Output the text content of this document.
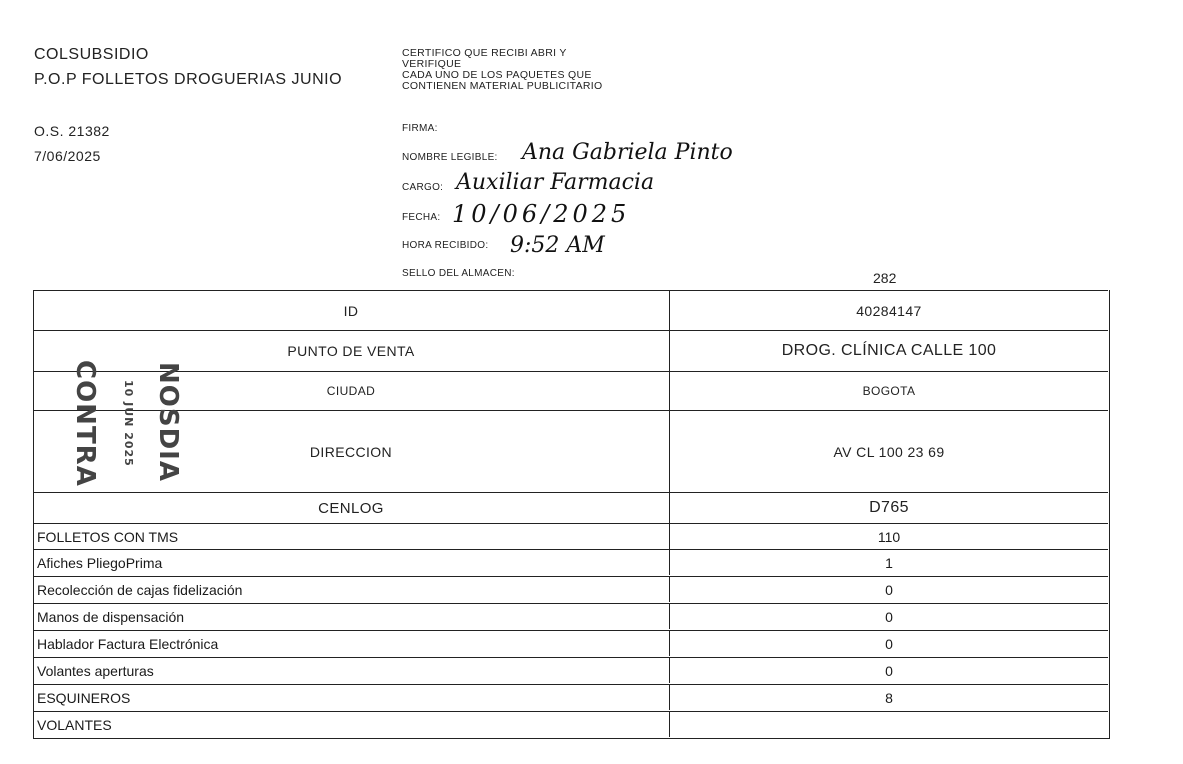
COLSUBSIDIO
P.O.P FOLLETOS DROGUERIAS JUNIO
O.S. 21382
7/06/2025
CERTIFICO QUE RECIBI ABRI Y
VERIFIQUE
CADA UNO DE LOS PAQUETES QUE
CONTIENEN MATERIAL PUBLICITARIO
FIRMA:
NOMBRE LEGIBLE: Ana Gabriela Pinto
CARGO: Auxiliar Farmacia
FECHA: 10/06/2025
HORA RECIBIDO: 9:52 AM
SELLO DEL ALMACEN:	282
ID	40284147
PUNTO DE VENTA	DROG. CLÍNICA CALLE 100
CIUDAD	BOGOTA
DIRECCION	AV CL 100 23 69
CENLOG	D765
CONTRA 10 JUN 2025 NOSDIA
FOLLETOS CON TMS	110
Afiches PliegoPrima	1
Recolección de cajas fidelización	0
Manos de dispensación	0
Hablador Factura Electrónica	0
Volantes aperturas	0
ESQUINEROS	8
VOLANTES
